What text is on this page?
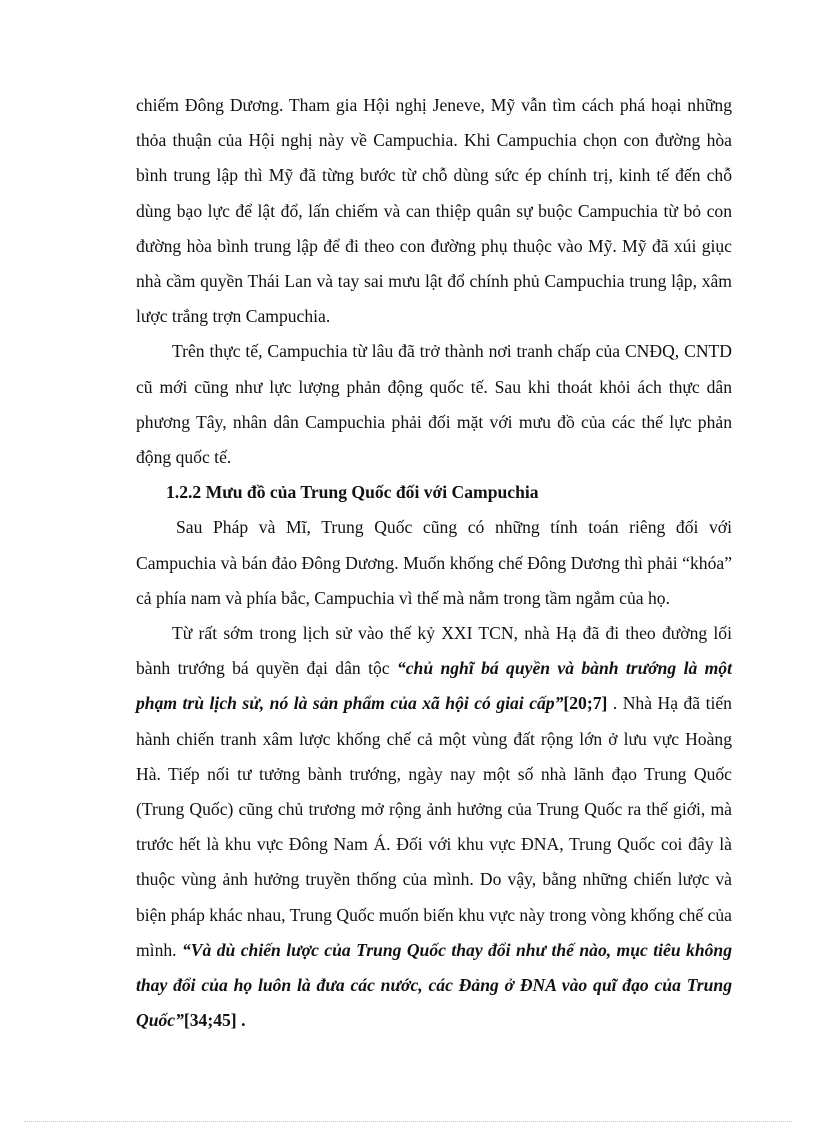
chiếm Đông Dương. Tham gia Hội nghị Jeneve, Mỹ vẫn tìm cách phá hoại những thỏa thuận của Hội nghị này về Campuchia. Khi Campuchia chọn con đường hòa bình trung lập thì Mỹ đã từng bước từ chỗ dùng sức ép chính trị, kinh tế đến chỗ dùng bạo lực để lật đổ, lấn chiếm và can thiệp quân sự buộc Campuchia từ bỏ con đường hòa bình trung lập để đi theo con đường phụ thuộc vào Mỹ. Mỹ đã xúi giục nhà cầm quyền Thái Lan và tay sai mưu lật đổ chính phủ Campuchia trung lập, xâm lược trắng trợn Campuchia.

Trên thực tế, Campuchia từ lâu đã trở thành nơi tranh chấp của CNĐQ, CNTD cũ mới cũng như lực lượng phản động quốc tế. Sau khi thoát khỏi ách thực dân phương Tây, nhân dân Campuchia phải đối mặt với mưu đồ của các thế lực phản động quốc tế.

1.2.2 Mưu đồ của Trung Quốc đối với Campuchia

Sau Pháp và Mĩ, Trung Quốc cũng có những tính toán riêng đối với Campuchia và bán đảo Đông Dương. Muốn khống chế Đông Dương thì phải “khóa” cả phía nam và phía bắc, Campuchia vì thế mà nằm trong tầm ngắm của họ.

Từ rất sớm trong lịch sử vào thế kỷ XXI TCN, nhà Hạ đã đi theo đường lối bành trướng bá quyền đại dân tộc “chủ nghĩ bá quyền và bành trướng là một phạm trù lịch sử, nó là sản phẩm của xã hội có giai cấp”[20;7] . Nhà Hạ đã tiến hành chiến tranh xâm lược khống chế cả một vùng đất rộng lớn ở lưu vực Hoàng Hà. Tiếp nối tư tưởng bành trướng, ngày nay một số nhà lãnh đạo Trung Quốc (Trung Quốc) cũng chủ trương mở rộng ảnh hưởng của Trung Quốc ra thế giới, mà trước hết là khu vực Đông Nam Á. Đối với khu vực ĐNA, Trung Quốc coi đây là thuộc vùng ảnh hưởng truyền thống của mình. Do vậy, bằng những chiến lược và biện pháp khác nhau, Trung Quốc muốn biến khu vực này trong vòng khống chế của mình. “Và dù chiến lược của Trung Quốc thay đổi như thế nào, mục tiêu không thay đổi của họ luôn là đưa các nước, các Đảng ở ĐNA vào quĩ đạo của Trung Quốc”[34;45] .
